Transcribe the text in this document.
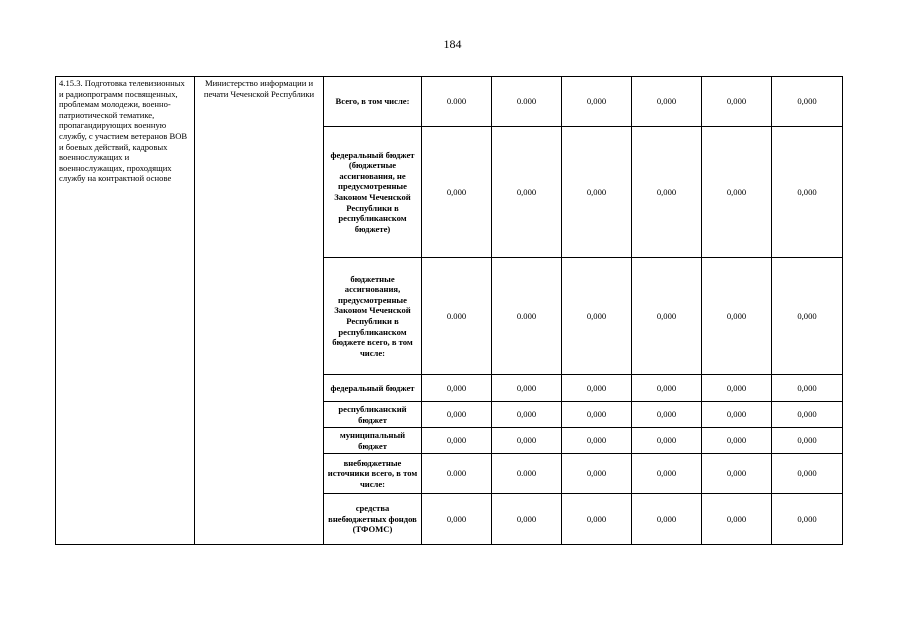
184
4.15.3. Подготовка телевизионных и радиопрограмм посвященных, проблемам молодежи, военно-патриотической тематике, пропагандирующих военную службу, с участием ветеранов ВОВ и боевых действий, кадровых военнослужащих и военнослужащих, проходящих службу на контрактной основе	Министерство информации и печати Чеченской Республики	Всего, в том числе:	0.000	0.000	0,000	0,000	0,000	0,000
		федеральный бюджет (бюджетные ассигнования, не предусмотренные Законом Чеченской Республики в республиканском бюджете)	0,000	0,000	0,000	0,000	0,000	0,000
		бюджетные ассигнования, предусмотренные Законом Чеченской Республики в республиканском бюджете всего, в том числе:	0.000	0.000	0,000	0,000	0,000	0,000
		федеральный бюджет	0,000	0,000	0,000	0,000	0,000	0,000
		республиканский бюджет	0,000	0,000	0,000	0,000	0,000	0,000
		муниципальный бюджет	0,000	0,000	0,000	0,000	0,000	0,000
		внебюджетные источники всего, в том числе:	0.000	0.000	0,000	0,000	0,000	0,000
		средства внебюджетных фондов (ТФОМС)	0,000	0,000	0,000	0,000	0,000	0,000
